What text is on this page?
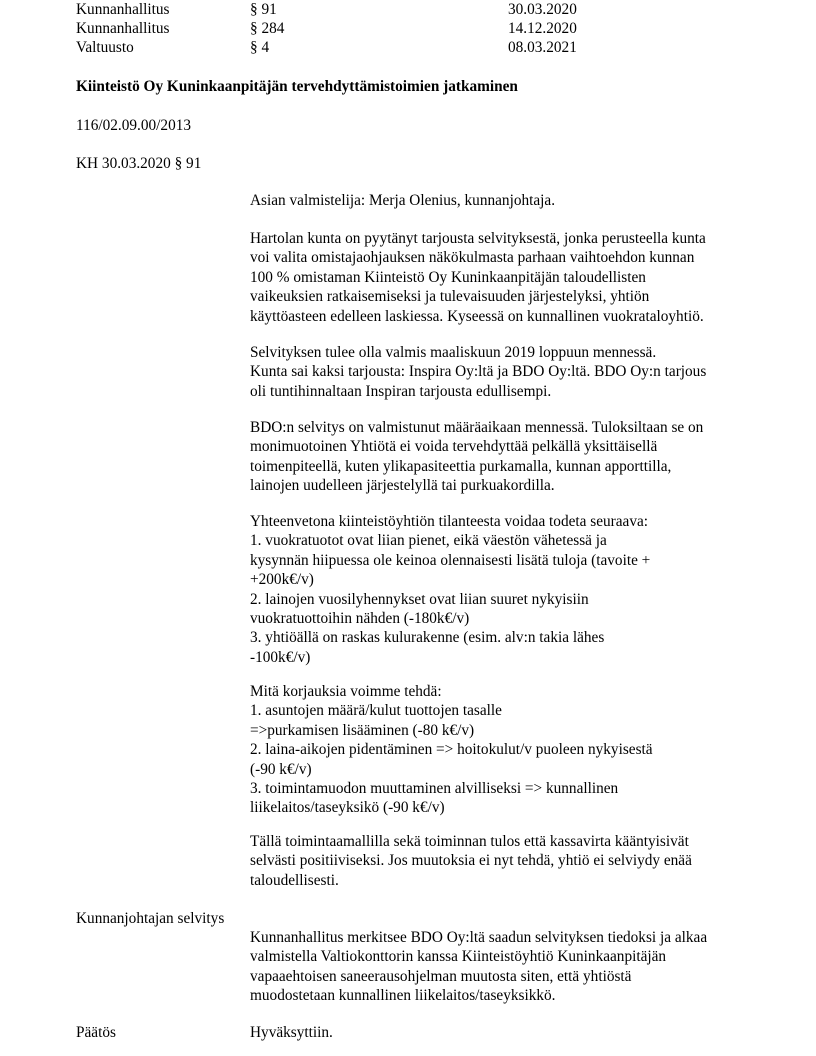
Kunnanhallitus	§ 91	30.03.2020
Kunnanhallitus	§ 284	14.12.2020
Valtuusto	§ 4	08.03.2021
Kiinteistö Oy Kuninkaanpitäjän tervehdyttämistoimien jatkaminen
116/02.09.00/2013
KH 30.03.2020 § 91
Asian valmistelija: Merja Olenius, kunnanjohtaja.
Hartolan kunta on pyytänyt tarjousta selvityksestä, jonka perusteella kunta
voi valita omistajaohjauksen näkökulmasta parhaan vaihtoehdon kunnan
100 % omistaman Kiinteistö Oy Kuninkaanpitäjän taloudellisten
vaikeuksien ratkaisemiseksi ja tulevaisuuden järjestelyksi, yhtiön
käyttöasteen edelleen laskiessa. Kyseessä on kunnallinen vuokrataloyhtiö.
Selvityksen tulee olla valmis maaliskuun 2019 loppuun mennessä.
Kunta sai kaksi tarjousta: Inspira Oy:ltä ja BDO Oy:ltä. BDO Oy:n tarjous
oli tuntihinnaltaan Inspiran tarjousta edullisempi.
BDO:n selvitys on valmistunut määräaikaan mennessä. Tuloksiltaan se on
monimuotoinen Yhtiötä ei voida tervehdyttää pelkällä yksittäisellä
toimenpiteellä, kuten ylikapasiteettia purkamalla, kunnan apporttilla,
lainojen uudelleen järjestelyllä tai purkuakordilla.
Yhteenvetona kiinteistöyhtiön tilanteesta voidaa todeta seuraava:
1. vuokratuotot ovat liian pienet, eikä väestön vähetessä ja
kysynnän hiipuessa ole keinoa olennaisesti lisätä tuloja (tavoite +
+200k€/v)
2. lainojen vuosilyhennykset ovat liian suuret nykyisiin
vuokratuottoihin nähden (-180k€/v)
3. yhtiöällä on raskas kulurakenne (esim. alv:n takia lähes
-100k€/v)
Mitä korjauksia voimme tehdä:
1. asuntojen määrä/kulut tuottojen tasalle
=>purkamisen lisääminen (-80 k€/v)
2. laina-aikojen pidentäminen => hoitokulut/v puoleen nykyisestä
(-90 k€/v)
3. toimintamuodon muuttaminen alvilliseksi => kunnallinen
liikelaitos/taseyksikö (-90 k€/v)
Tällä toimintaamallilla sekä toiminnan tulos että kassavirta kääntyisivät
selvästi positiiviseksi. Jos muutoksia ei nyt tehdä, yhtiö ei selviydy enää
taloudellisesti.
Kunnanjohtajan selvitys
Kunnanhallitus merkitsee BDO Oy:ltä saadun selvityksen tiedoksi ja alkaa
valmistella Valtiokonttorin kanssa Kiinteistöyhtiö Kuninkaanpitäjän
vapaaehtoisen saneerausohjelman muutosta siten, että yhtiöstä
muodostetaan kunnallinen liikelaitos/taseyksikkö.
Päätös	Hyväksyttiin.
